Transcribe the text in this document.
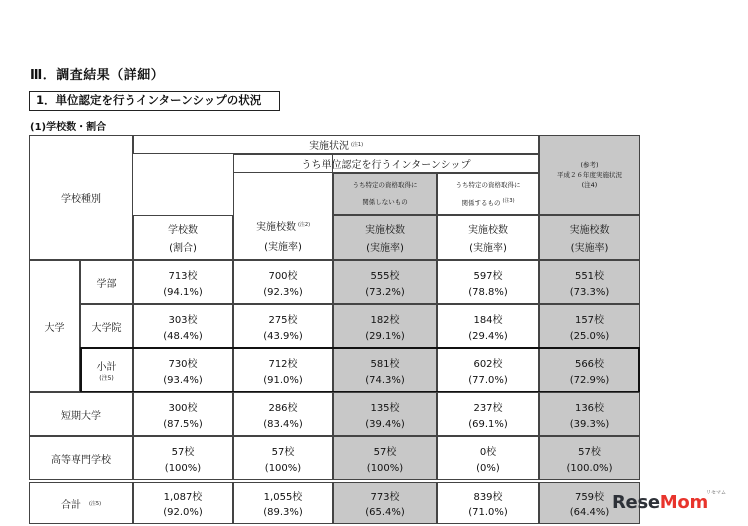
Ⅲ．調査結果（詳細）
1．単位認定を行うインターンシップの状況
(1)学校数・割合
学校種別
実施状況 (注1)
うち単位認定を行うインターンシップ
うち特定の資格取得に
関係しないもの
うち特定の資格取得に
関係するもの $^{(注3)}$
(参考)
平成２６年度実施状況
(注4)
学校数
(割合)
実施校数 $^{(注2)}$
(実施率)
実施校数
(実施率)
実施校数
(実施率)
実施校数
(実施率)
大学
学部
713校
(94.1%)
700校
(92.3%)
555校
(73.2%)
597校
(78.8%)
551校
(73.3%)
大学院
303校
(48.4%)
275校
(43.9%)
182校
(29.1%)
184校
(29.4%)
157校
(25.0%)
小計
(注5)
730校
(93.4%)
712校
(91.0%)
581校
(74.3%)
602校
(77.0%)
566校
(72.9%)
短期大学
300校
(87.5%)
286校
(83.4%)
135校
(39.4%)
237校
(69.1%)
136校
(39.3%)
高等専門学校
57校
(100%)
57校
(100%)
57校
(100%)
0校
(0%)
57校
(100.0%)
合計 (注5)
1,087校
(92.0%)
1,055校
(89.3%)
773校
(65.4%)
839校
(71.0%)
759校
(64.4%) ReseMom
リセマム
